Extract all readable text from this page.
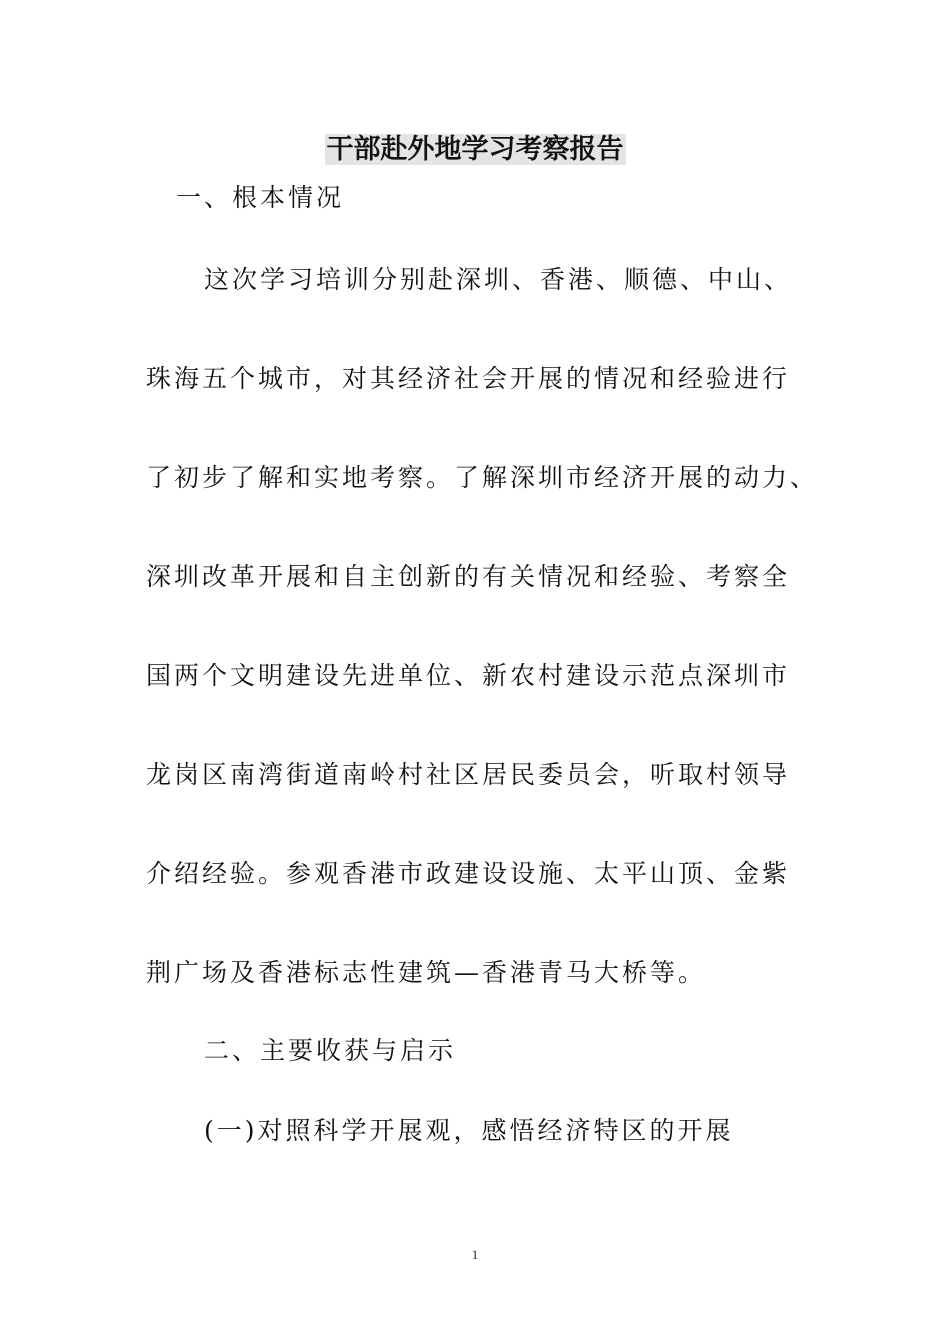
干部赴外地学习考察报告
一、根本情况
这次学习培训分别赴深圳、香港、顺德、中山、
珠海五个城市，对其经济社会开展的情况和经验进行
了初步了解和实地考察。了解深圳市经济开展的动力、
深圳改革开展和自主创新的有关情况和经验、考察全
国两个文明建设先进单位、新农村建设示范点深圳市
龙岗区南湾街道南岭村社区居民委员会，听取村领导
介绍经验。参观香港市政建设设施、太平山顶、金紫
荆广场及香港标志性建筑—香港青马大桥等。
二、主要收获与启示
(一)对照科学开展观，感悟经济特区的开展
1
